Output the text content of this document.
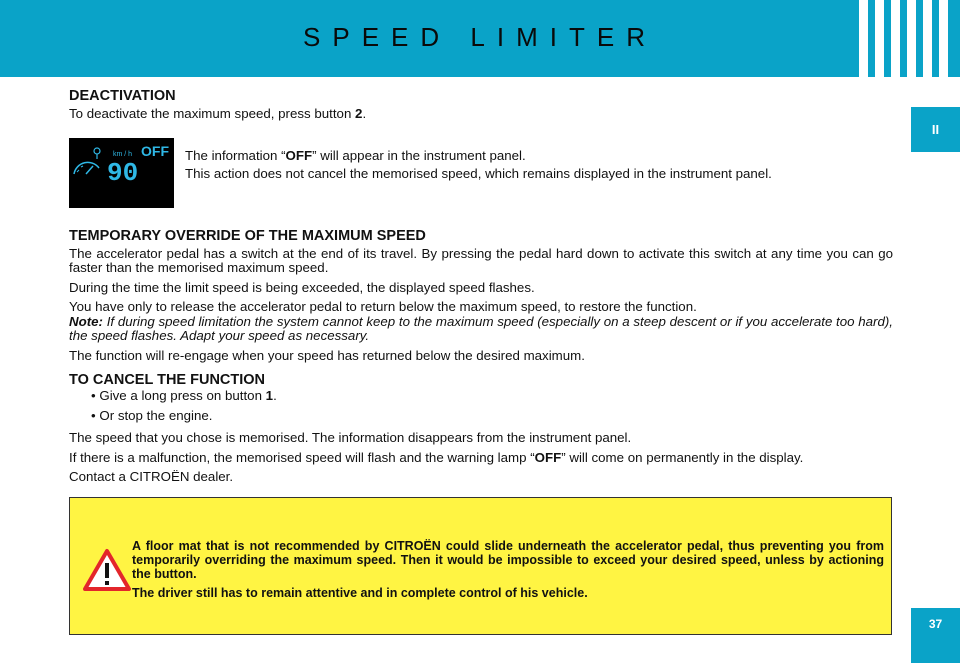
SPEED LIMITER
II
37
DEACTIVATION

To deactivate the maximum speed, press button 2.

km / h OFF
90

The information “OFF” will appear in the instrument panel.

This action does not cancel the memorised speed, which remains displayed in the instrument panel.

TEMPORARY OVERRIDE OF THE MAXIMUM SPEED

The accelerator pedal has a switch at the end of its travel. By pressing the pedal hard down to activate this switch at any time you can go faster than the memorised maximum speed.

During the time the limit speed is being exceeded, the displayed speed flashes.

You have only to release the accelerator pedal to return below the maximum speed, to restore the function.

Note: If during speed limitation the system cannot keep to the maximum speed (especially on a steep descent or if you accelerate too hard), the speed flashes. Adapt your speed as necessary.

The function will re-engage when your speed has returned below the desired maximum.

TO CANCEL THE FUNCTION
• Give a long press on button 1.
• Or stop the engine.

The speed that you chose is memorised. The information disappears from the instrument panel.

If there is a malfunction, the memorised speed will flash and the warning lamp “OFF” will come on permanently in the display.

Contact a CITROËN dealer.

A floor mat that is not recommended by CITROËN could slide underneath the accelerator pedal, thus preventing you from temporarily overriding the maximum speed. Then it would be impossible to exceed your desired speed, unless by actioning the button.

The driver still has to remain attentive and in complete control of his vehicle.
